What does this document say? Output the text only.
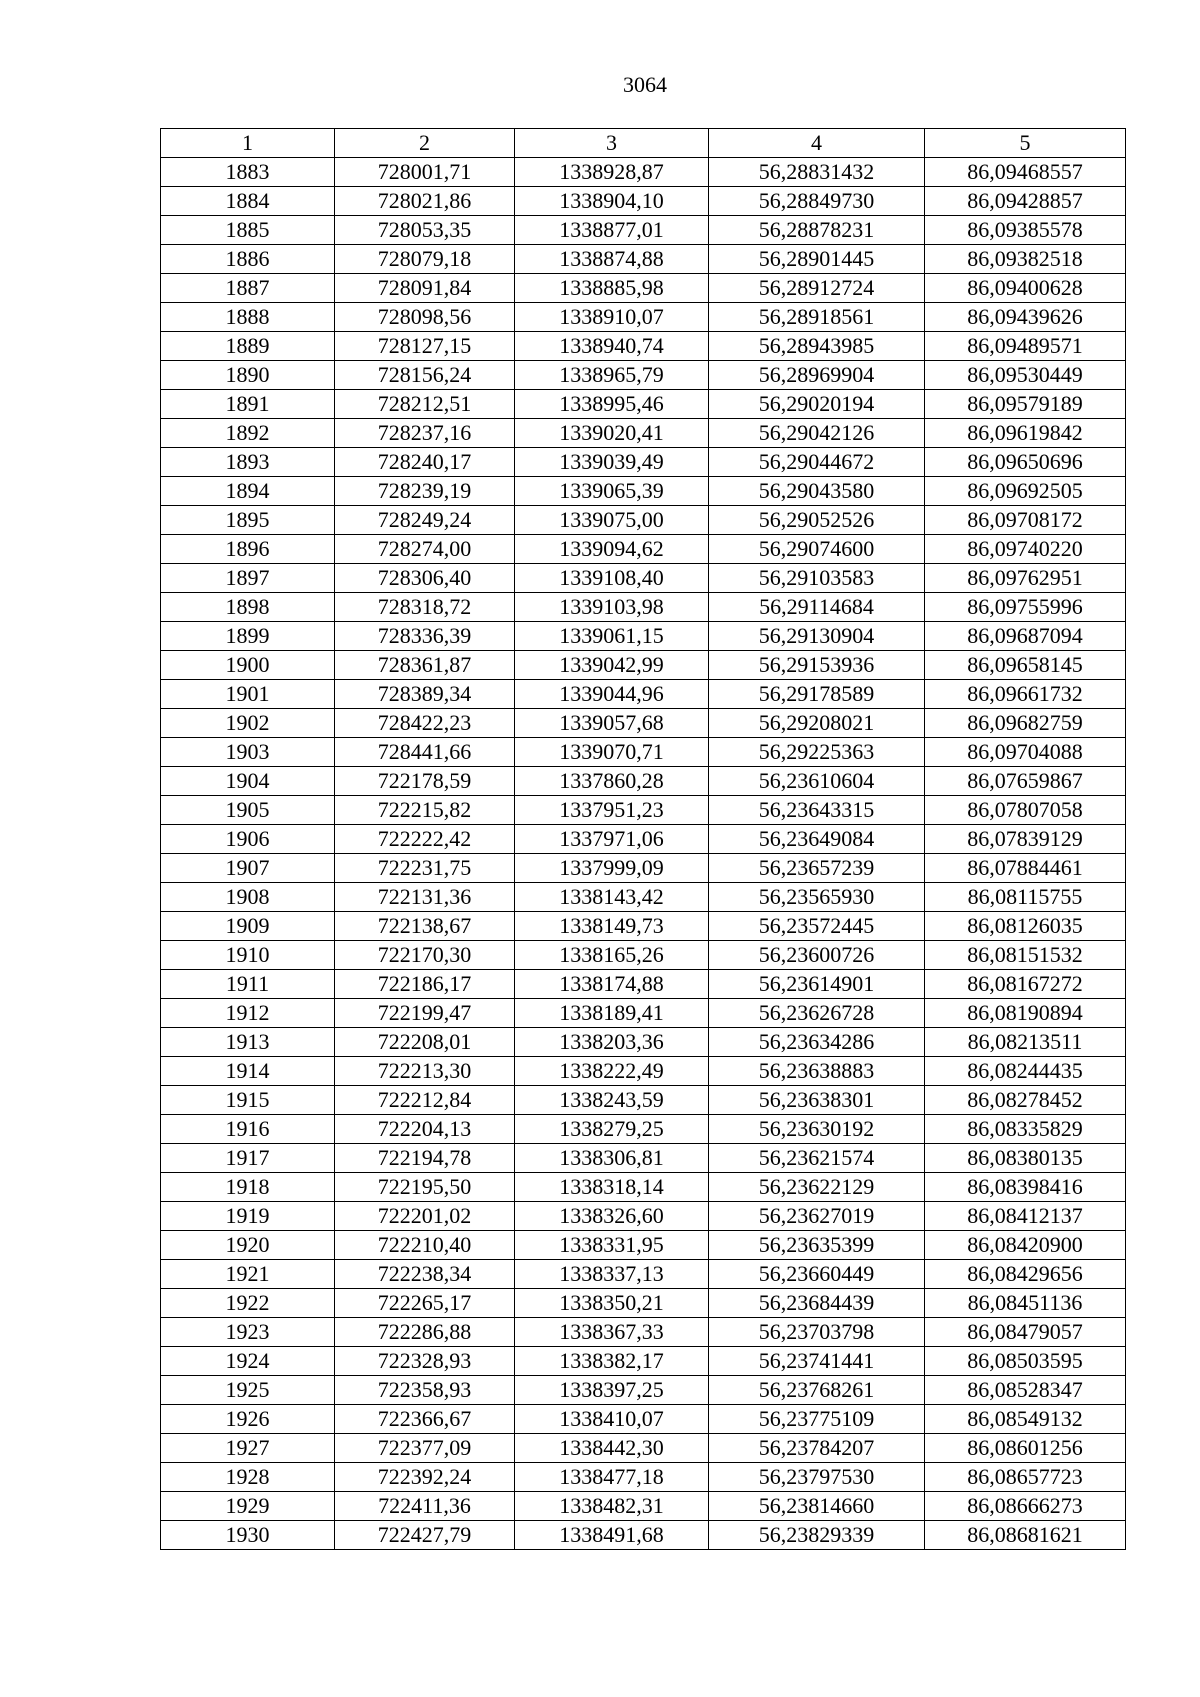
3064
1	2	3	4	5
1883	728001,71	1338928,87	56,28831432	86,09468557
1884	728021,86	1338904,10	56,28849730	86,09428857
1885	728053,35	1338877,01	56,28878231	86,09385578
1886	728079,18	1338874,88	56,28901445	86,09382518
1887	728091,84	1338885,98	56,28912724	86,09400628
1888	728098,56	1338910,07	56,28918561	86,09439626
1889	728127,15	1338940,74	56,28943985	86,09489571
1890	728156,24	1338965,79	56,28969904	86,09530449
1891	728212,51	1338995,46	56,29020194	86,09579189
1892	728237,16	1339020,41	56,29042126	86,09619842
1893	728240,17	1339039,49	56,29044672	86,09650696
1894	728239,19	1339065,39	56,29043580	86,09692505
1895	728249,24	1339075,00	56,29052526	86,09708172
1896	728274,00	1339094,62	56,29074600	86,09740220
1897	728306,40	1339108,40	56,29103583	86,09762951
1898	728318,72	1339103,98	56,29114684	86,09755996
1899	728336,39	1339061,15	56,29130904	86,09687094
1900	728361,87	1339042,99	56,29153936	86,09658145
1901	728389,34	1339044,96	56,29178589	86,09661732
1902	728422,23	1339057,68	56,29208021	86,09682759
1903	728441,66	1339070,71	56,29225363	86,09704088
1904	722178,59	1337860,28	56,23610604	86,07659867
1905	722215,82	1337951,23	56,23643315	86,07807058
1906	722222,42	1337971,06	56,23649084	86,07839129
1907	722231,75	1337999,09	56,23657239	86,07884461
1908	722131,36	1338143,42	56,23565930	86,08115755
1909	722138,67	1338149,73	56,23572445	86,08126035
1910	722170,30	1338165,26	56,23600726	86,08151532
1911	722186,17	1338174,88	56,23614901	86,08167272
1912	722199,47	1338189,41	56,23626728	86,08190894
1913	722208,01	1338203,36	56,23634286	86,08213511
1914	722213,30	1338222,49	56,23638883	86,08244435
1915	722212,84	1338243,59	56,23638301	86,08278452
1916	722204,13	1338279,25	56,23630192	86,08335829
1917	722194,78	1338306,81	56,23621574	86,08380135
1918	722195,50	1338318,14	56,23622129	86,08398416
1919	722201,02	1338326,60	56,23627019	86,08412137
1920	722210,40	1338331,95	56,23635399	86,08420900
1921	722238,34	1338337,13	56,23660449	86,08429656
1922	722265,17	1338350,21	56,23684439	86,08451136
1923	722286,88	1338367,33	56,23703798	86,08479057
1924	722328,93	1338382,17	56,23741441	86,08503595
1925	722358,93	1338397,25	56,23768261	86,08528347
1926	722366,67	1338410,07	56,23775109	86,08549132
1927	722377,09	1338442,30	56,23784207	86,08601256
1928	722392,24	1338477,18	56,23797530	86,08657723
1929	722411,36	1338482,31	56,23814660	86,08666273
1930	722427,79	1338491,68	56,23829339	86,08681621
